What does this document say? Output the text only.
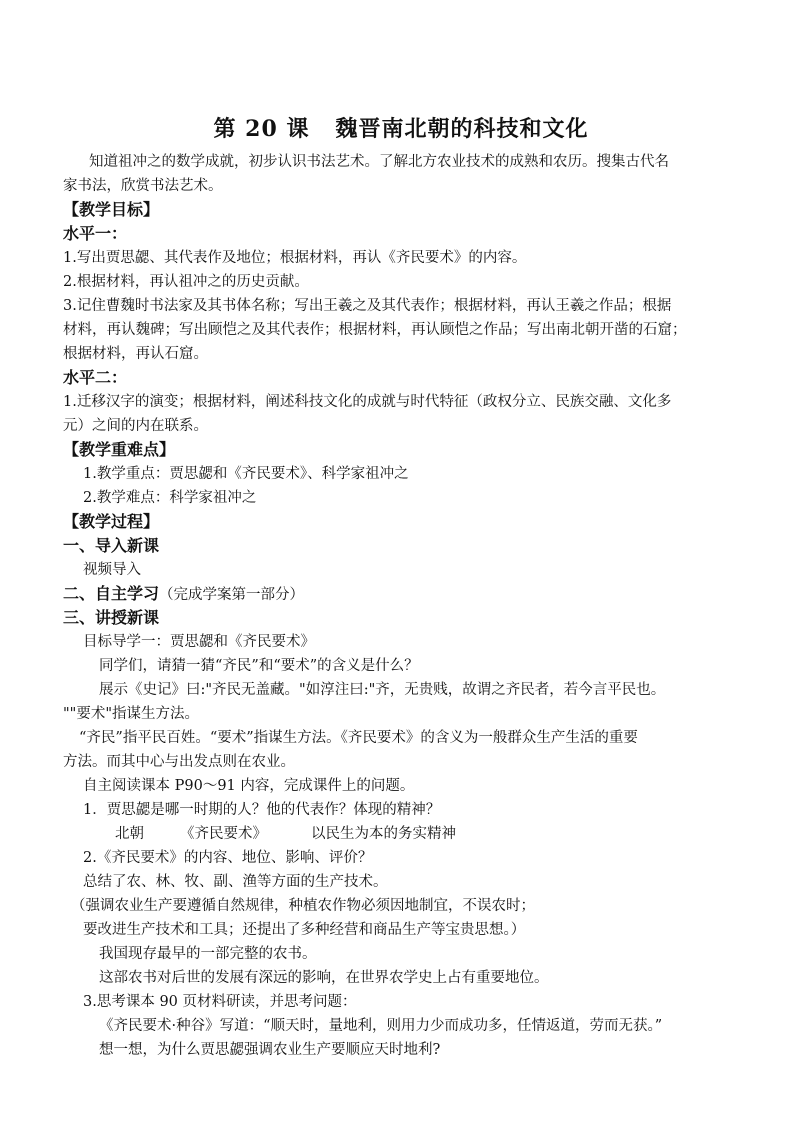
第 20 课 魏晋南北朝的科技和文化
知道祖冲之的数学成就，初步认识书法艺术。了解北方农业技术的成熟和农历。搜集古代名
家书法，欣赏书法艺术。
【教学目标】
水平一：
1.写出贾思勰、其代表作及地位；根据材料，再认《齐民要术》的内容。
2.根据材料，再认祖冲之的历史贡献。
3.记住曹魏时书法家及其书体名称；写出王羲之及其代表作；根据材料，再认王羲之作品；根据
材料，再认魏碑；写出顾恺之及其代表作；根据材料，再认顾恺之作品；写出南北朝开凿的石窟；
根据材料，再认石窟。
水平二：
1.迁移汉字的演变；根据材料，阐述科技文化的成就与时代特征（政权分立、民族交融、文化多
元）之间的内在联系。
【教学重难点】
1.教学重点：贾思勰和《齐民要术》、科学家祖冲之
2.教学难点：科学家祖冲之
【教学过程】
一、导入新课
视频导入
二、自主学习（完成学案第一部分）
三、讲授新课
目标导学一：贾思勰和《齐民要术》
同学们，请猜一猜“齐民”和“要术”的含义是什么？
展示《史记》曰:"齐民无盖藏。"如淳注曰:"齐，无贵贱，故谓之齐民者，若今言平民也。
""要术"指谋生方法。
“齐民”指平民百姓。“要术”指谋生方法。《齐民要术》的含义为一般群众生产生活的重要
方法。而其中心与出发点则在农业。
自主阅读课本 P90～91 内容，完成课件上的问题。
1．贾思勰是哪一时期的人？他的代表作？体现的精神？
北朝 《齐民要术》	以民生为本的务实精神
2.《齐民要术》的内容、地位、影响、评价？
总结了农、林、牧、副、渔等方面的生产技术。
（强调农业生产要遵循自然规律，种植农作物必须因地制宜，不误农时；
要改进生产技术和工具；还提出了多种经营和商品生产等宝贵思想。）
我国现存最早的一部完整的农书。
这部农书对后世的发展有深远的影响，在世界农学史上占有重要地位。
3.思考课本 90 页材料研读，并思考问题：
《齐民要术·种谷》写道：“顺天时，量地利，则用力少而成功多，任情返道，劳而无获。”
想一想，为什么贾思勰强调农业生产要顺应天时地利?
